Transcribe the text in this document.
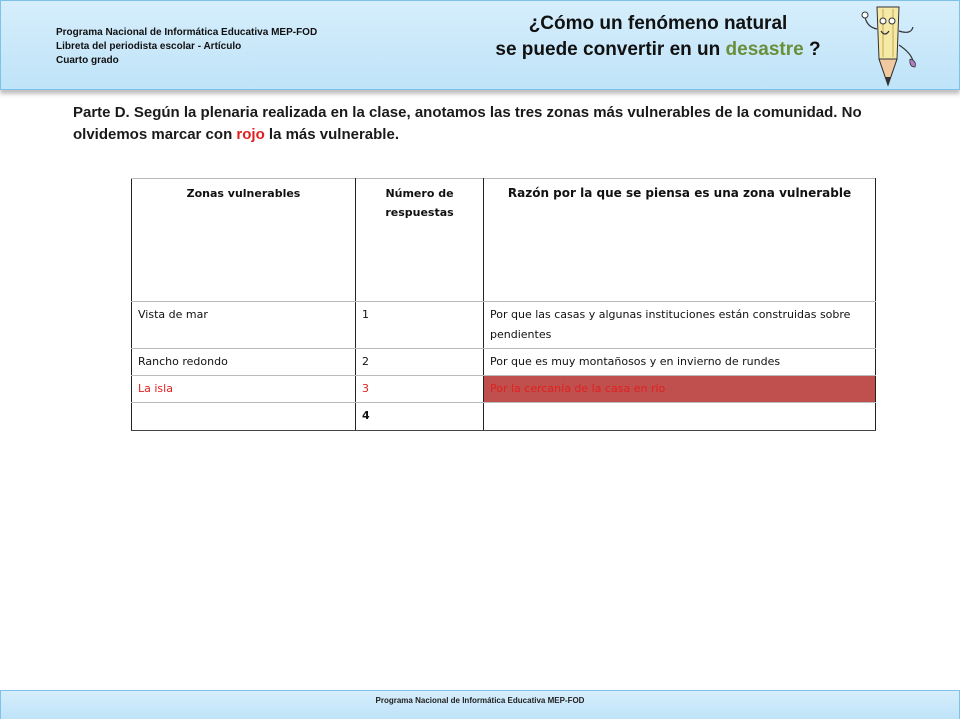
Programa Nacional de Informática Educativa MEP-FOD
Libreta del periodista escolar - Artículo
Cuarto grado
¿Cómo un fenómeno natural
se puede convertir en un desastre ?
Parte D. Según la plenaria realizada en la clase, anotamos las tres zonas más vulnerables de la comunidad. No olvidemos marcar con rojo la más vulnerable.
Zonas vulnerables	Número de respuestas	Razón por la que se piensa es una zona vulnerable
Vista de mar	1	Por que las casas y algunas instituciones están construidas sobre pendientes
Rancho redondo	2	Por que es muy montañosos y en invierno de rundes
La isla	3	Por la cercanía de la casa en rio
	4	
Programa Nacional de Informática Educativa MEP-FOD
